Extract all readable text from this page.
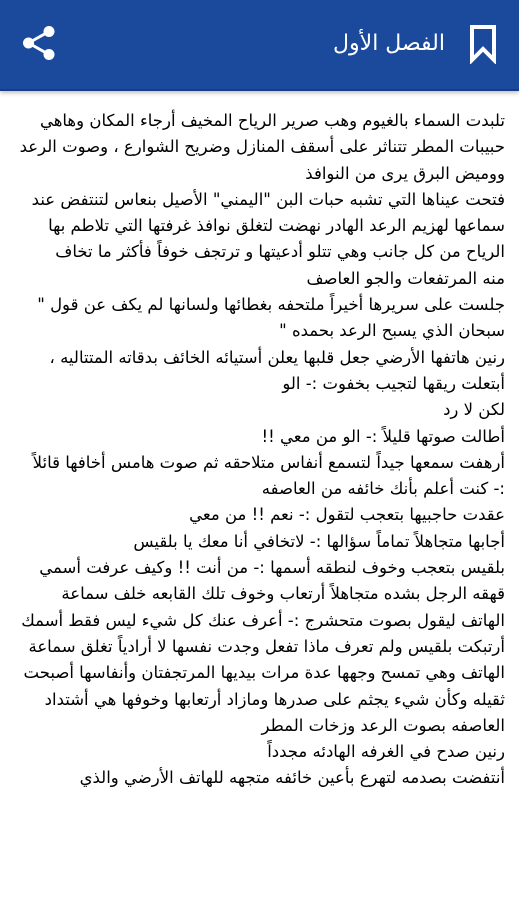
الفصل الأول
تلبدت السماء بالغيوم وهب صرير الرياح المخيف أرجاء المكان وهاهي
حبيبات المطر تتناثر على أسقف المنازل وضريح الشوارع ، وصوت الرعد
ووميض البرق يرى من النوافذ
فتحت عيناها التي تشبه حبات البن "اليمني" الأصيل بنعاس لتنتفض عند
سماعها لهزيم الرعد الهادر نهضت لتغلق نوافذ غرفتها التي تلاطم بها
الرياح من كل جانب وهي تتلو أدعيتها و ترتجف خوفاً فأكثر ما تخاف
منه المرتفعات والجو العاصف
جلست على سريرها أخيراً ملتحفه بغطائها ولسانها لم يكف عن قول "
سبحان الذي يسبح الرعد بحمده "
رنين هاتفها الأرضي جعل قلبها يعلن أستيائه الخائف بدقاته المتتاليه ،
أبتعلت ريقها لتجيب بخفوت :- الو
لكن لا رد
أطالت صوتها قليلاً :- الو من معي !!
أرهفت سمعها جيداً لتسمع أنفاس متلاحقه ثم صوت هامس أخافها قائلاً
:- كنت أعلم بأنك خائفه من العاصفه
عقدت حاجبيها بتعجب لتقول :- نعم !! من معي
أجابها متجاهلاً تماماً سؤالها :- لاتخافي أنا معك يا بلقيس
بلقيس بتعجب وخوف لنطقه أسمها :- من أنت !! وكيف عرفت أسمي
قهقه الرجل بشده متجاهلاً أرتعاب وخوف تلك القابعه خلف سماعة
الهاتف ليقول بصوت متحشرج :- أعرف عنك كل شيء ليس فقط أسمك
أرتبكت بلقيس ولم تعرف ماذا تفعل وجدت نفسها لا أرادياً تغلق سماعة
الهاتف وهي تمسح وجهها عدة مرات بيديها المرتجفتان وأنفاسها أصبحت
ثقيله وكأن شيء يجثم على صدرها ومازاد أرتعابها وخوفها هي أشتداد
العاصفه بصوت الرعد وزخات المطر
رنين صدح في الغرفه الهادئه مجدداً
أنتفضت بصدمه لتهرع بأعين خائفه متجهه للهاتف الأرضي والذي
